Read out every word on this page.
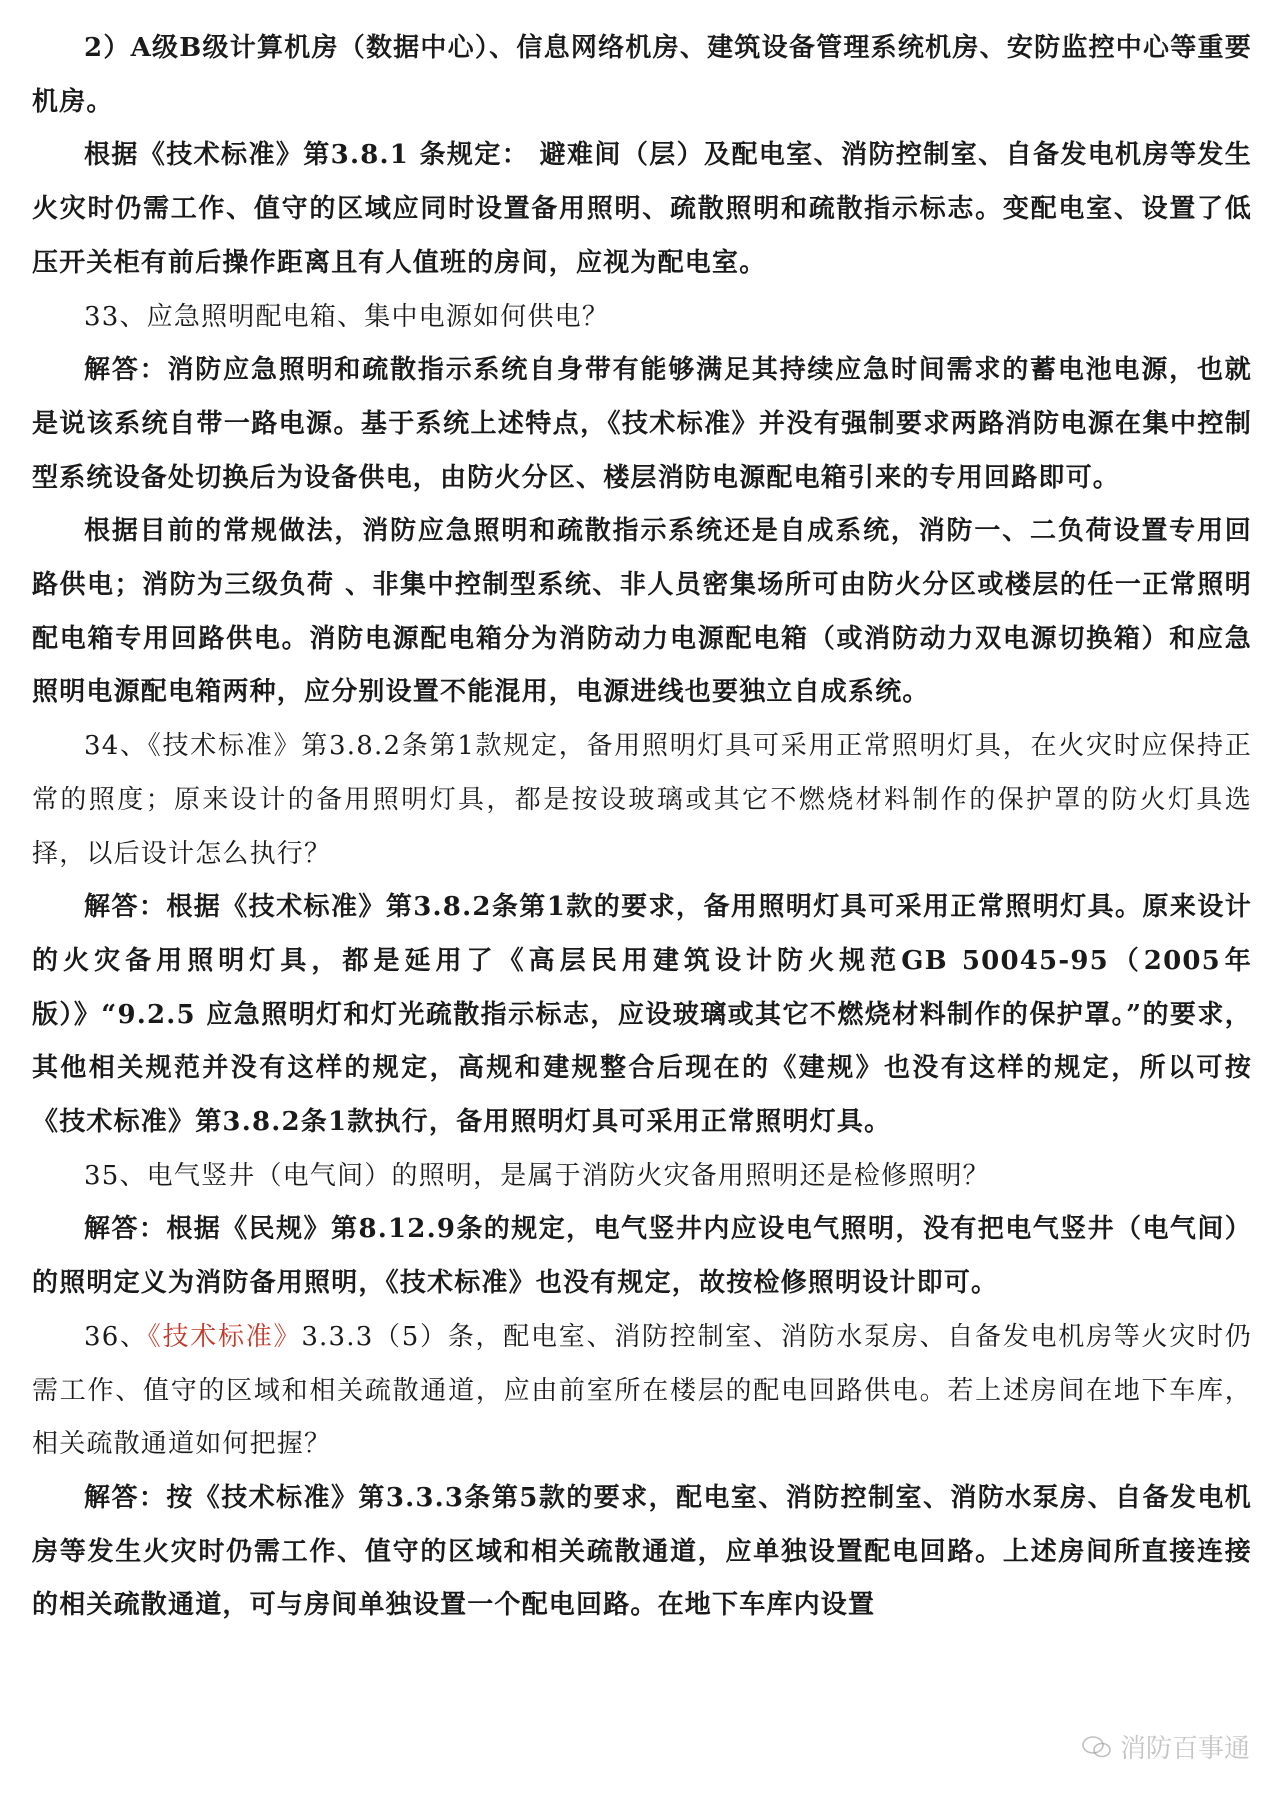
2）A级B级计算机房（数据中心）、信息网络机房、建筑设备管理系统机房、安防监控中心等重要机房。

根据《技术标准》第3.8.1 条规定： 避难间（层）及配电室、消防控制室、自备发电机房等发生火灾时仍需工作、值守的区域应同时设置备用照明、疏散照明和疏散指示标志。变配电室、设置了低压开关柜有前后操作距离且有人值班的房间，应视为配电室。

33、应急照明配电箱、集中电源如何供电？

解答：消防应急照明和疏散指示系统自身带有能够满足其持续应急时间需求的蓄电池电源，也就是说该系统自带一路电源。基于系统上述特点，《技术标准》并没有强制要求两路消防电源在集中控制型系统设备处切换后为设备供电，由防火分区、楼层消防电源配电箱引来的专用回路即可。

根据目前的常规做法，消防应急照明和疏散指示系统还是自成系统，消防一、二负荷设置专用回路供电；消防为三级负荷 、非集中控制型系统、非人员密集场所可由防火分区或楼层的任一正常照明配电箱专用回路供电。消防电源配电箱分为消防动力电源配电箱（或消防动力双电源切换箱）和应急照明电源配电箱两种，应分别设置不能混用，电源进线也要独立自成系统。

34、《技术标准》第3.8.2条第1款规定，备用照明灯具可采用正常照明灯具，在火灾时应保持正常的照度；原来设计的备用照明灯具，都是按设玻璃或其它不燃烧材料制作的保护罩的防火灯具选择，以后设计怎么执行？

解答：根据《技术标准》第3.8.2条第1款的要求，备用照明灯具可采用正常照明灯具。原来设计的火灾备用照明灯具，都是延用了《高层民用建筑设计防火规范GB 50045-95（2005年版）》“9.2.5 应急照明灯和灯光疏散指示标志，应设玻璃或其它不燃烧材料制作的保护罩。”的要求，其他相关规范并没有这样的规定，高规和建规整合后现在的《建规》也没有这样的规定，所以可按《技术标准》第3.8.2条1款执行，备用照明灯具可采用正常照明灯具。

35、电气竖井（电气间）的照明，是属于消防火灾备用照明还是检修照明？

解答：根据《民规》第8.12.9条的规定，电气竖井内应设电气照明，没有把电气竖井（电气间）的照明定义为消防备用照明，《技术标准》也没有规定，故按检修照明设计即可。

36、《技术标准》3.3.3（5）条，配电室、消防控制室、消防水泵房、自备发电机房等火灾时仍需工作、值守的区域和相关疏散通道，应由前室所在楼层的配电回路供电。若上述房间在地下车库，相关疏散通道如何把握？

解答：按《技术标准》第3.3.3条第5款的要求，配电室、消防控制室、消防水泵房、自备发电机房等发生火灾时仍需工作、值守的区域和相关疏散通道，应单独设置配电回路。上述房间所直接连接的相关疏散通道，可与房间单独设置一个配电回路。在地下车库内设置

消防百事通
